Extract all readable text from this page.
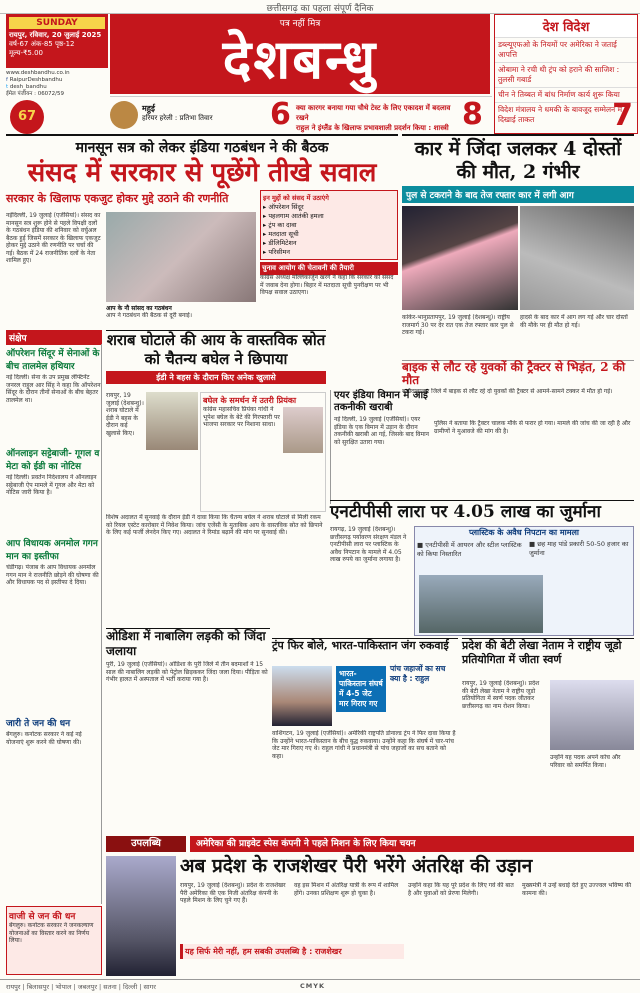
छत्तीसगढ़ का पहला संपूर्ण दैनिक
SUNDAY
रायपुर, रविवार, 20 जुलाई 2025
वर्ष-67 अंक-85 पृष्ठ-12
मूल्य-₹5.00
www.deshbandhu.co.in
f RaipurDeshbandhu
t desh_bandhu
ईमेल पंजीयन : 06072/59
67
पत्र नहीं मित्र
देशबन्धु	देश विदेश
डब्ल्यूएफओ के नियमों पर अमेरिका ने जताई आपत्ति
ओबामा ने रची थी ट्रंप को हराने की साजिश : तुलसी गबार्ड
चीन ने तिब्बत में बांध निर्माण कार्य शुरू किया
विदेश मंत्रालय ने धमकी के बावजूद सम्मेलन में दिखाई ताकत	7
महुई
हरियर हरेली : प्रतिभा तिवार	6 क्या कारगर बनाया गया चौथे टेस्ट के लिए एकादश में बदलाव रखने
राहुल ने इंग्लैंड के खिलाफ प्रभावशाली प्रदर्शन किया : शास्त्री 8
मानसून सत्र को लेकर इंडिया गठबंधन ने की बैठक
संसद में सरकार से पूछेंगे तीखे सवाल
सरकार के खिलाफ एकजुट होकर मुद्दे उठाने की रणनीति
नईदिल्ली, 19 जुलाई (एजेंसियां)। संसद का मानसून सत्र शुरू होने से पहले विपक्षी दलों के गठबंधन इंडिया की शनिवार को वर्चुअल बैठक हुई जिसमें सरकार के खिलाफ एकजुट होकर मुद्दे उठाने की रणनीति पर चर्चा की गई। बैठक में 24 राजनीतिक दलों के नेता शामिल हुए।
इन मुद्दों को संसद में उठाएंगे
▸ ऑपरेशन सिंदूर
▸ पहलगाम आतंकी हमला
▸ ट्रंप का दावा
▸ मतदाता सूची
▸ डीलिमिटेशन
▸ परिसीमन
चुनाव आयोग की चेतावनी की तैयारी
कांग्रेस अध्यक्ष मल्लिकार्जुन खरगे ने कहा कि सरकार को संसद में जवाब देना होगा। बिहार में मतदाता सूची पुनरीक्षण पर भी विपक्ष सवाल उठाएगा।
आप के नौ सांसद का गठबंधन
आप ने गठबंधन की बैठक से दूरी बनाई।
कार में जिंदा जलकर 4 दोस्तों की मौत, 2 गंभीर
पुल से टकराने के बाद तेज रफ्तार कार में लगी आग
कांकेर-भानुप्रतापपुर, 19 जुलाई (देशबन्धु)। राष्ट्रीय राजमार्ग 30 पर देर रात एक तेज रफ्तार कार पुल से टकरा गई।
हादसे के बाद कार में आग लग गई और चार दोस्तों की मौके पर ही मौत हो गई।
बाइक से लौट रहे युवकों की ट्रैक्टर से भिड़ंत, 2 की मौत
बलौदाबाजार जिले में बाइक से लौट रहे दो युवकों की ट्रैक्टर से आमने-सामने टक्कर में मौत हो गई।
संक्षेप
ऑपरेशन सिंदूर में सेनाओं के बीच तालमेल हथियार
नई दिल्ली। सेना के उप प्रमुख लेफ्टिनेंट जनरल राहुल आर सिंह ने कहा कि ऑपरेशन सिंदूर के दौरान तीनों सेनाओं के बीच बेहतर तालमेल था।
ऑनलाइन सट्टेबाजी- गूगल व मेटा को ईडी का नोटिस
नई दिल्ली। प्रवर्तन निदेशालय ने ऑनलाइन सट्टेबाजी ऐप मामले में गूगल और मेटा को नोटिस जारी किया है।
आप विधायक अनमोल गगन मान का इस्तीफा
चंडीगढ़। पंजाब के आप विधायक अनमोल गगन मान ने राजनीति छोड़ने की घोषणा की और विधायक पद से इस्तीफा दे दिया।
जारी ते जन की धन
बेंगलुरु। कर्नाटक सरकार ने कई नई योजनाएं शुरू करने की घोषणा की।
शराब घोटाले की आय के वास्तविक स्रोत को चैतन्य बघेल ने छिपाया
ईडी ने बहस के दौरान किए अनेक खुलासे
रायपुर, 19 जुलाई (देशबन्धु)। शराब घोटाले में ईडी ने बहस के दौरान कई खुलासे किए।
बघेल के समर्थन में उतरी प्रियंका
कांग्रेस महासचिव प्रियंका गांधी ने भूपेश बघेल के बेटे की गिरफ्तारी पर भाजपा सरकार पर निशाना साधा।
विशेष अदालत में सुनवाई के दौरान ईडी ने दावा किया कि चैतन्य बघेल ने शराब घोटाले से मिली रकम को रियल एस्टेट कारोबार में निवेश किया। जांच एजेंसी के मुताबिक आय के वास्तविक स्रोत को छिपाने के लिए कई फर्जी लेनदेन किए गए। अदालत ने रिमांड बढ़ाने की मांग पर सुनवाई की।
एयर इंडिया विमान में आई तकनीकी खराबी
नई दिल्ली, 19 जुलाई (एजेंसियां)। एयर इंडिया के एक विमान में उड़ान के दौरान तकनीकी खराबी आ गई, जिसके बाद विमान को सुरक्षित उतारा गया।
पुलिस ने बताया कि ट्रैक्टर चालक मौके से फरार हो गया। मामले की जांच की जा रही है और ग्रामीणों ने मुआवजे की मांग की है।
एनटीपीसी लारा पर 4.05 लाख का जुर्माना
रायगढ़, 19 जुलाई (देशबन्धु)। छत्तीसगढ़ पर्यावरण संरक्षण मंडल ने एनटीपीसी लारा पर प्लास्टिक के अवैध निपटान के मामले में 4.05 लाख रुपये का जुर्माना लगाया है।
प्लास्टिक के अवैध निपटान का मामला
■ एनटीपीसी में आयरन और स्टील प्लास्टिक को किया निस्तारित
■ छह माह पांडे प्रकारी 50-50 हजार का जुर्माना
ओडिशा में नाबालिग लड़की को जिंदा जलाया
पुरी, 19 जुलाई (एजेंसियां)। ओडिशा के पुरी जिले में तीन बदमाशों ने 15 साल की नाबालिग लड़की को पेट्रोल छिड़ककर जिंदा जला दिया। पीड़िता को गंभीर हालत में अस्पताल में भर्ती कराया गया है।
ट्रंप फिर बोले, भारत-पाकिस्तान जंग रुकवाई
भारत-पाकिस्तान संघर्ष में 4-5 जेट मार गिराए गए
पांच जहाजों का सच क्या है : राहुल
वाशिंगटन, 19 जुलाई (एजेंसियां)। अमेरिकी राष्ट्रपति डोनाल्ड ट्रंप ने फिर दावा किया है कि उन्होंने भारत-पाकिस्तान के बीच युद्ध रुकवाया। उन्होंने कहा कि संघर्ष में चार-पांच जेट मार गिराए गए थे। राहुल गांधी ने प्रधानमंत्री से पांच जहाजों का सच बताने को कहा।
प्रदेश की बेटी लेखा नेताम ने राष्ट्रीय जूडो प्रतियोगिता में जीता स्वर्ण
रायपुर, 19 जुलाई (देशबन्धु)। प्रदेश की बेटी लेखा नेताम ने राष्ट्रीय जूडो प्रतियोगिता में स्वर्ण पदक जीतकर छत्तीसगढ़ का नाम रोशन किया।
उन्होंने यह पदक अपने कोच और परिवार को समर्पित किया।
वाजी से जन की धन
बेंगलुरु। कर्नाटक सरकार ने जनकल्याण योजनाओं का विस्तार करने का निर्णय लिया।
उपलब्धि	अमेरिका की प्राइवेट स्पेस कंपनी ने पहले मिशन के लिए किया चयन
अब प्रदेश के राजशेखर पैरी भरेंगे अंतरिक्ष की उड़ान
रायपुर, 19 जुलाई (देशबन्धु)। प्रदेश के राजशेखर पैरी अमेरिका की एक निजी अंतरिक्ष कंपनी के पहले मिशन के लिए चुने गए हैं।
वह इस मिशन में अंतरिक्ष यात्री के रूप में शामिल होंगे। उनका प्रशिक्षण शुरू हो चुका है।
उन्होंने कहा कि यह पूरे प्रदेश के लिए गर्व की बात है और युवाओं को प्रेरणा मिलेगी।
मुख्यमंत्री ने उन्हें बधाई देते हुए उज्ज्वल भविष्य की कामना की।
यह सिर्फ मेरी नहीं, हम सबकी उपलब्धि है : राजशेखर
रायपुर | बिलासपुर | भोपाल | जबलपुर | सतना | दिल्ली | सागर	CMYK
